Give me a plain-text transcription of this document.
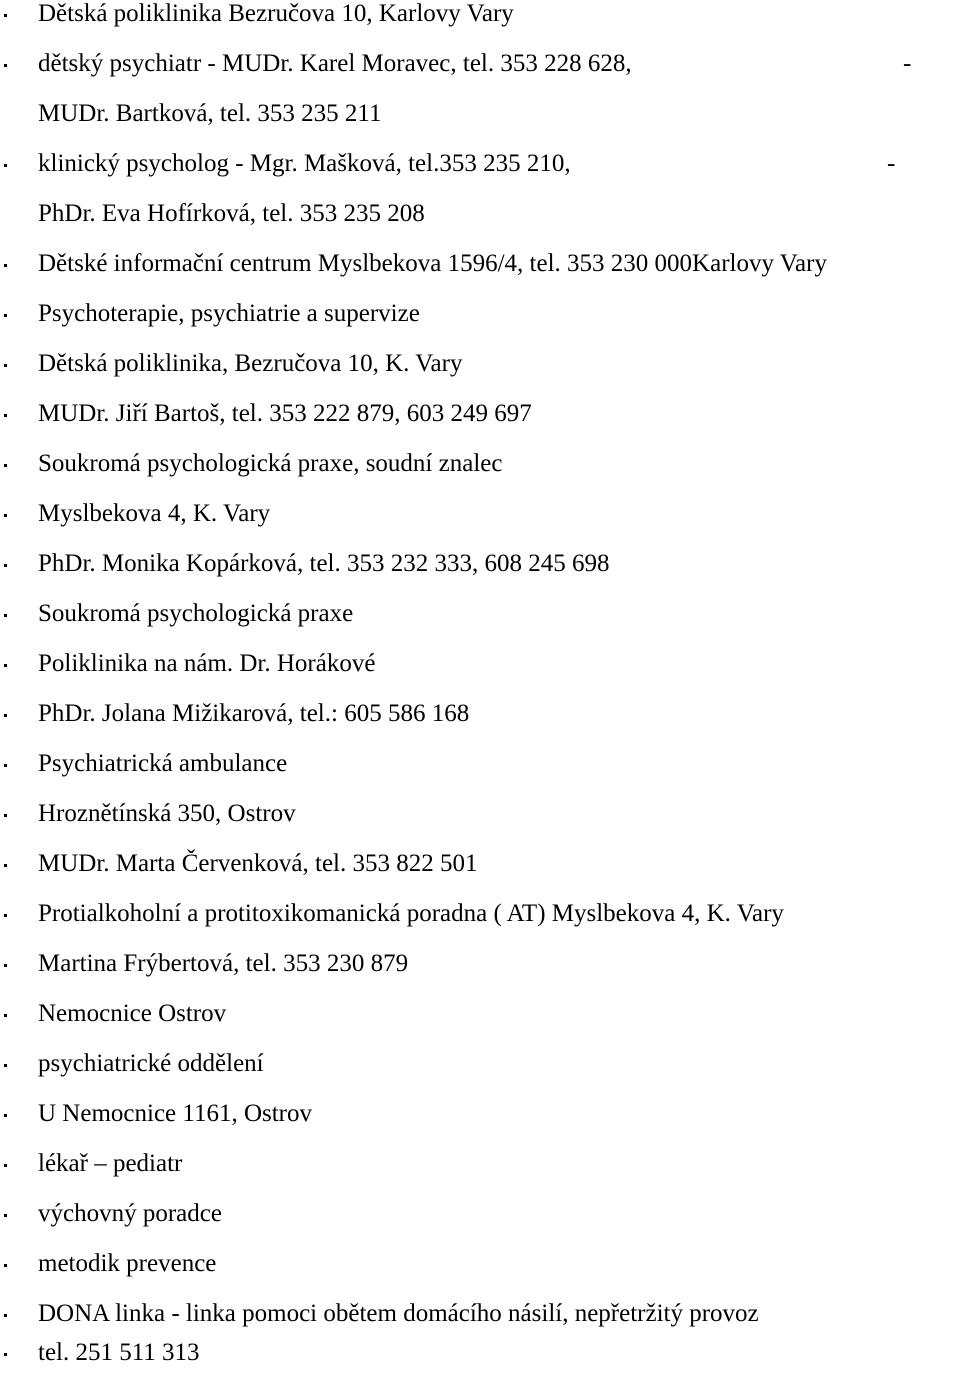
Dětská poliklinika Bezručova 10, Karlovy Vary
dětský psychiatr - MUDr. Karel Moravec, tel. 353 228 628,	-
MUDr. Bartková, tel. 353 235 211
klinický psycholog - Mgr. Mašková, tel.353 235 210,	-
PhDr. Eva Hofírková, tel. 353 235 208
Dětské informační centrum Myslbekova 1596/4, tel. 353 230 000Karlovy Vary
Psychoterapie, psychiatrie a supervize
Dětská poliklinika, Bezručova 10, K. Vary
MUDr. Jiří Bartoš, tel. 353 222 879, 603 249 697
Soukromá psychologická praxe, soudní znalec
Myslbekova 4, K. Vary
PhDr. Monika Kopárková, tel. 353 232 333, 608 245 698
Soukromá psychologická praxe
Poliklinika na nám. Dr. Horákové
PhDr. Jolana Mižikarová, tel.: 605 586 168
Psychiatrická ambulance
Hroznětínská 350, Ostrov
MUDr. Marta Červenková, tel. 353 822 501
Protialkoholní a protitoxikomanická poradna ( AT) Myslbekova 4, K. Vary
Martina Frýbertová, tel. 353 230 879
Nemocnice Ostrov
psychiatrické oddělení
U Nemocnice 1161, Ostrov
lékař – pediatr
výchovný poradce
metodik prevence
DONA linka - linka pomoci obětem domácího násilí, nepřetržitý provoz
tel. 251 511 313
